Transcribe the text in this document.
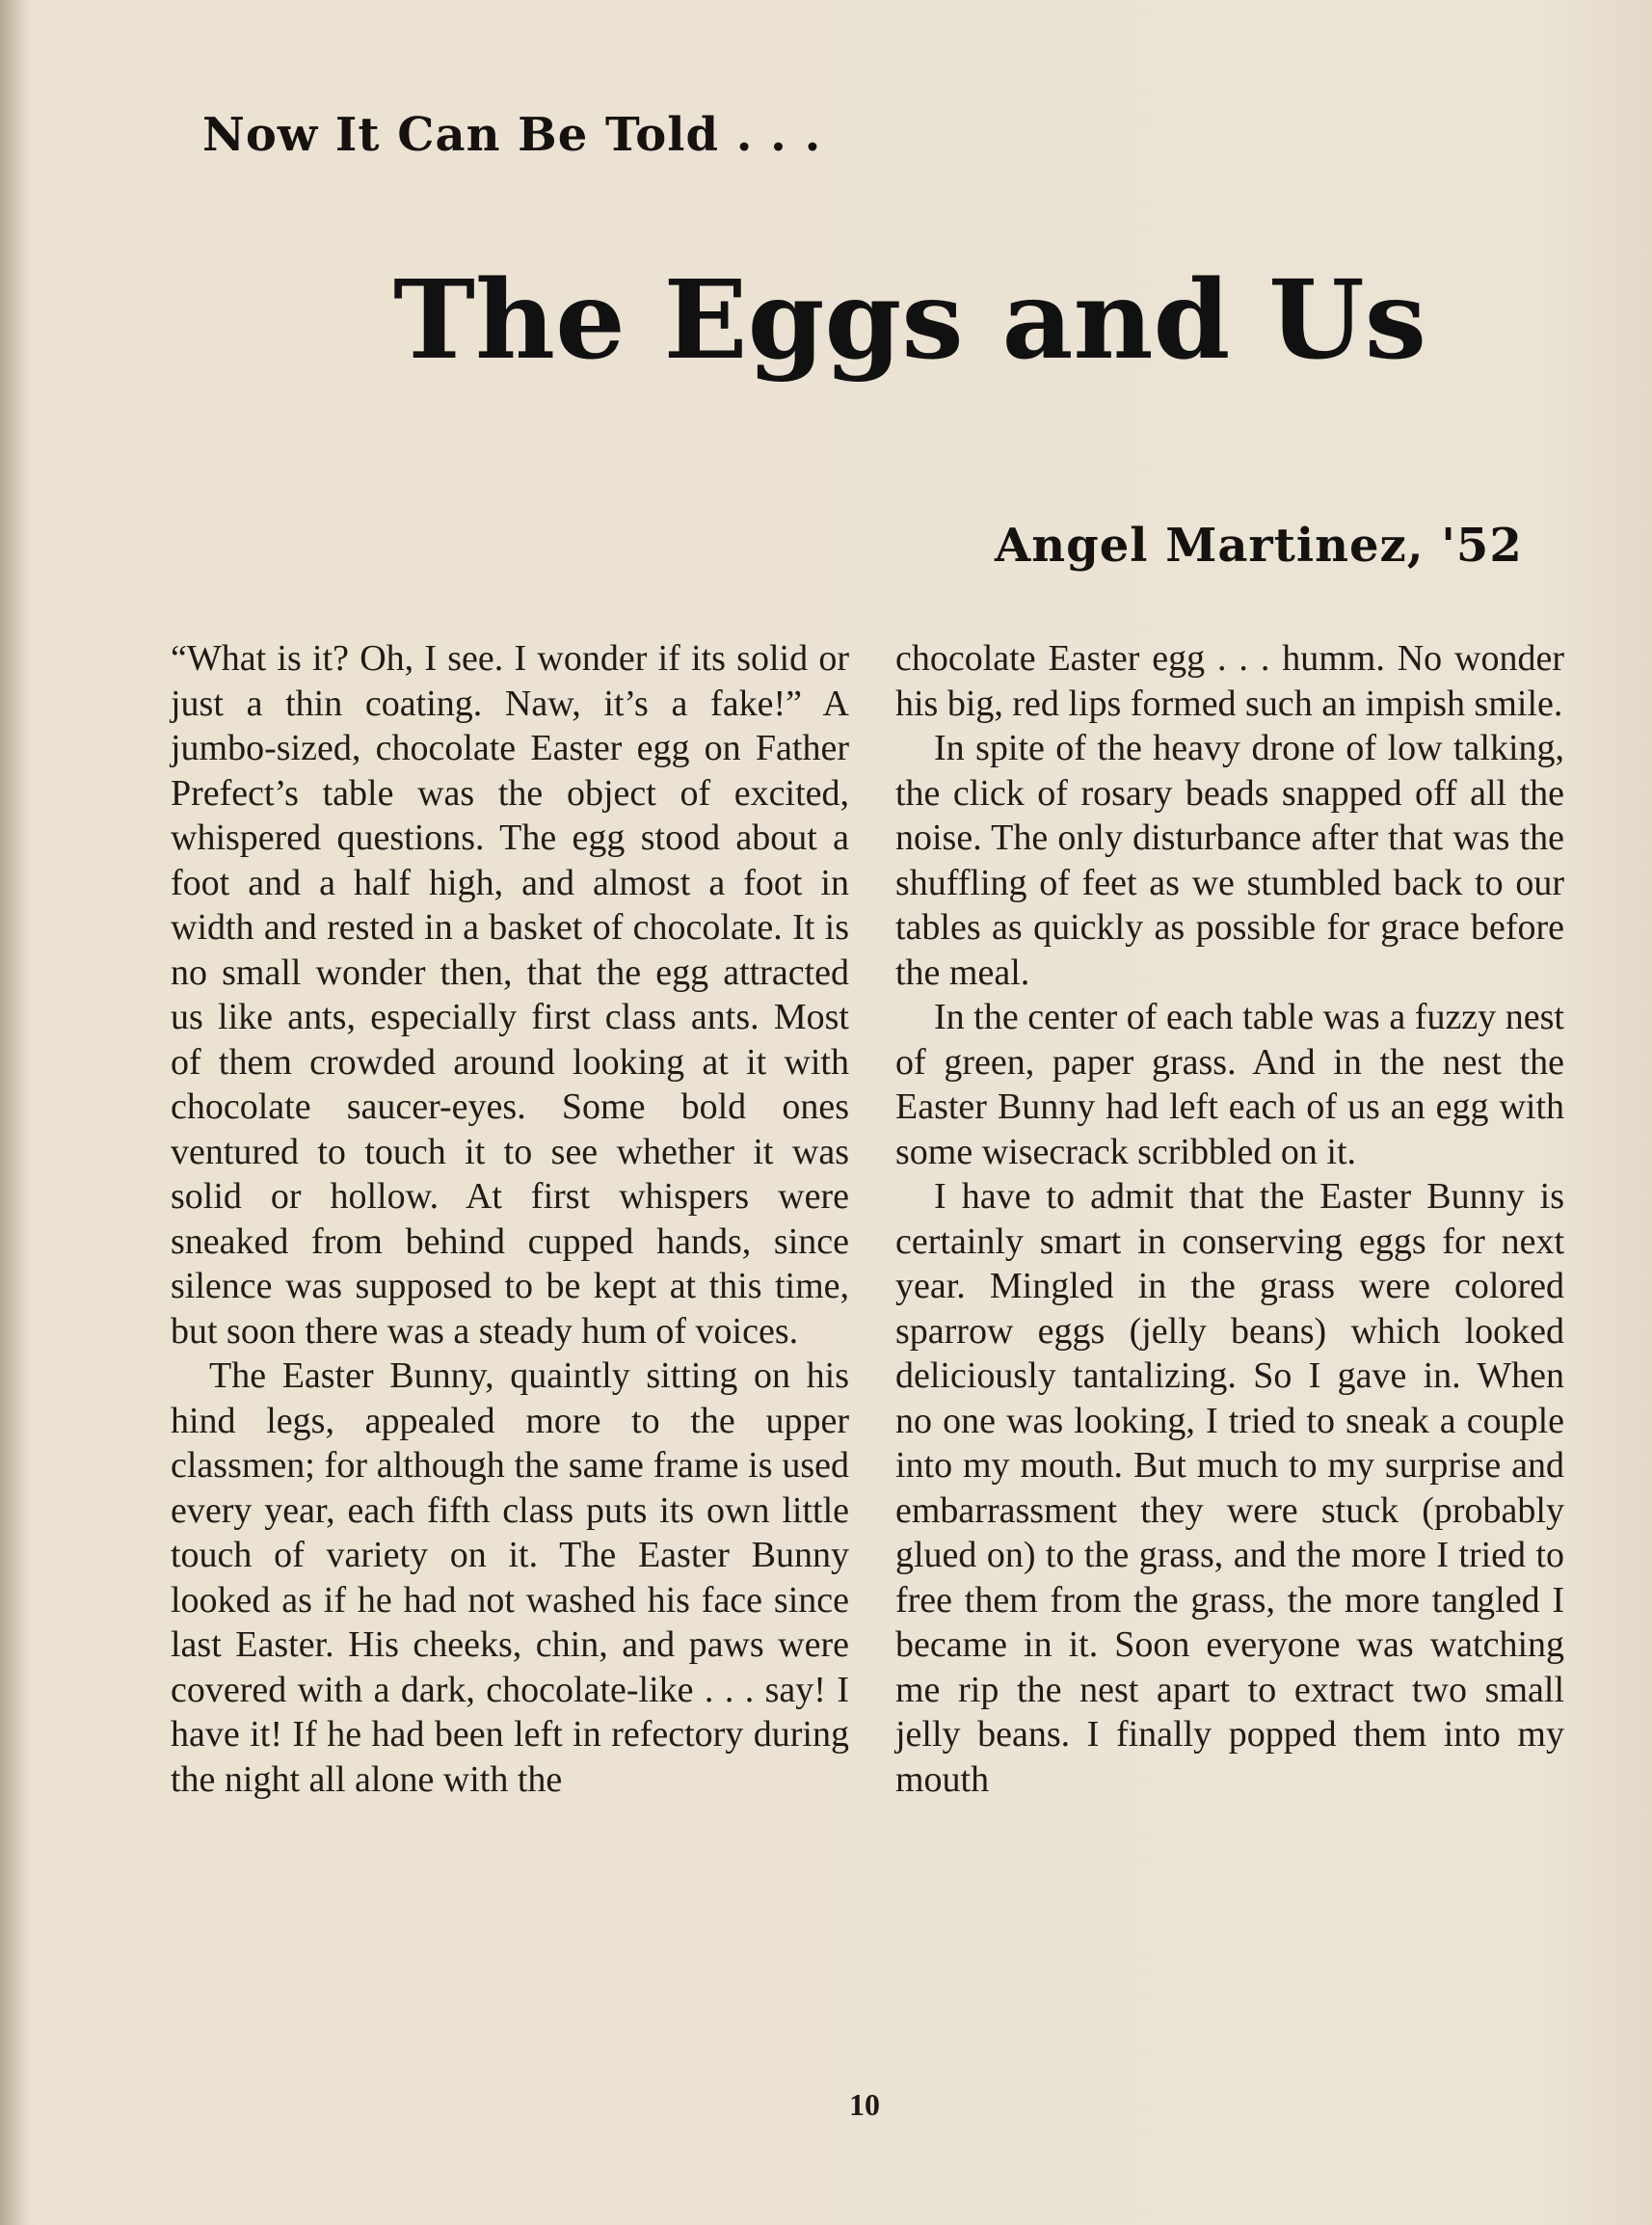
Now It Can Be Told . . .
The Eggs and Us
Angel Martinez, '52

“What is it? Oh, I see. I wonder if its solid or just a thin coating. Naw, it’s a fake!” A jumbo-sized, chocolate Easter egg on Father Prefect’s table was the object of excited, whispered questions. The egg stood about a foot and a half high, and almost a foot in width and rested in a basket of chocolate. It is no small wonder then, that the egg attracted us like ants, especially first class ants. Most of them crowded around looking at it with chocolate saucer-eyes. Some bold ones ventured to touch it to see whether it was solid or hollow. At first whispers were sneaked from behind cupped hands, since silence was supposed to be kept at this time, but soon there was a steady hum of voices.

The Easter Bunny, quaintly sitting on his hind legs, appealed more to the upper classmen; for although the same frame is used every year, each fifth class puts its own little touch of variety on it. The Easter Bunny looked as if he had not washed his face since last Easter. His cheeks, chin, and paws were covered with a dark, chocolate-like . . . say! I have it! If he had been left in refectory during the night all alone with the

chocolate Easter egg . . . humm. No wonder his big, red lips formed such an impish smile.

In spite of the heavy drone of low talking, the click of rosary beads snapped off all the noise. The only disturbance after that was the shuffling of feet as we stumbled back to our tables as quickly as possible for grace before the meal.

In the center of each table was a fuzzy nest of green, paper grass. And in the nest the Easter Bunny had left each of us an egg with some wisecrack scribbled on it.

I have to admit that the Easter Bunny is certainly smart in conserving eggs for next year. Mingled in the grass were colored sparrow eggs (jelly beans) which looked deliciously tantalizing. So I gave in. When no one was looking, I tried to sneak a couple into my mouth. But much to my surprise and embarrassment they were stuck (probably glued on) to the grass, and the more I tried to free them from the grass, the more tangled I became in it. Soon everyone was watching me rip the nest apart to extract two small jelly beans. I finally popped them into my mouth

10
